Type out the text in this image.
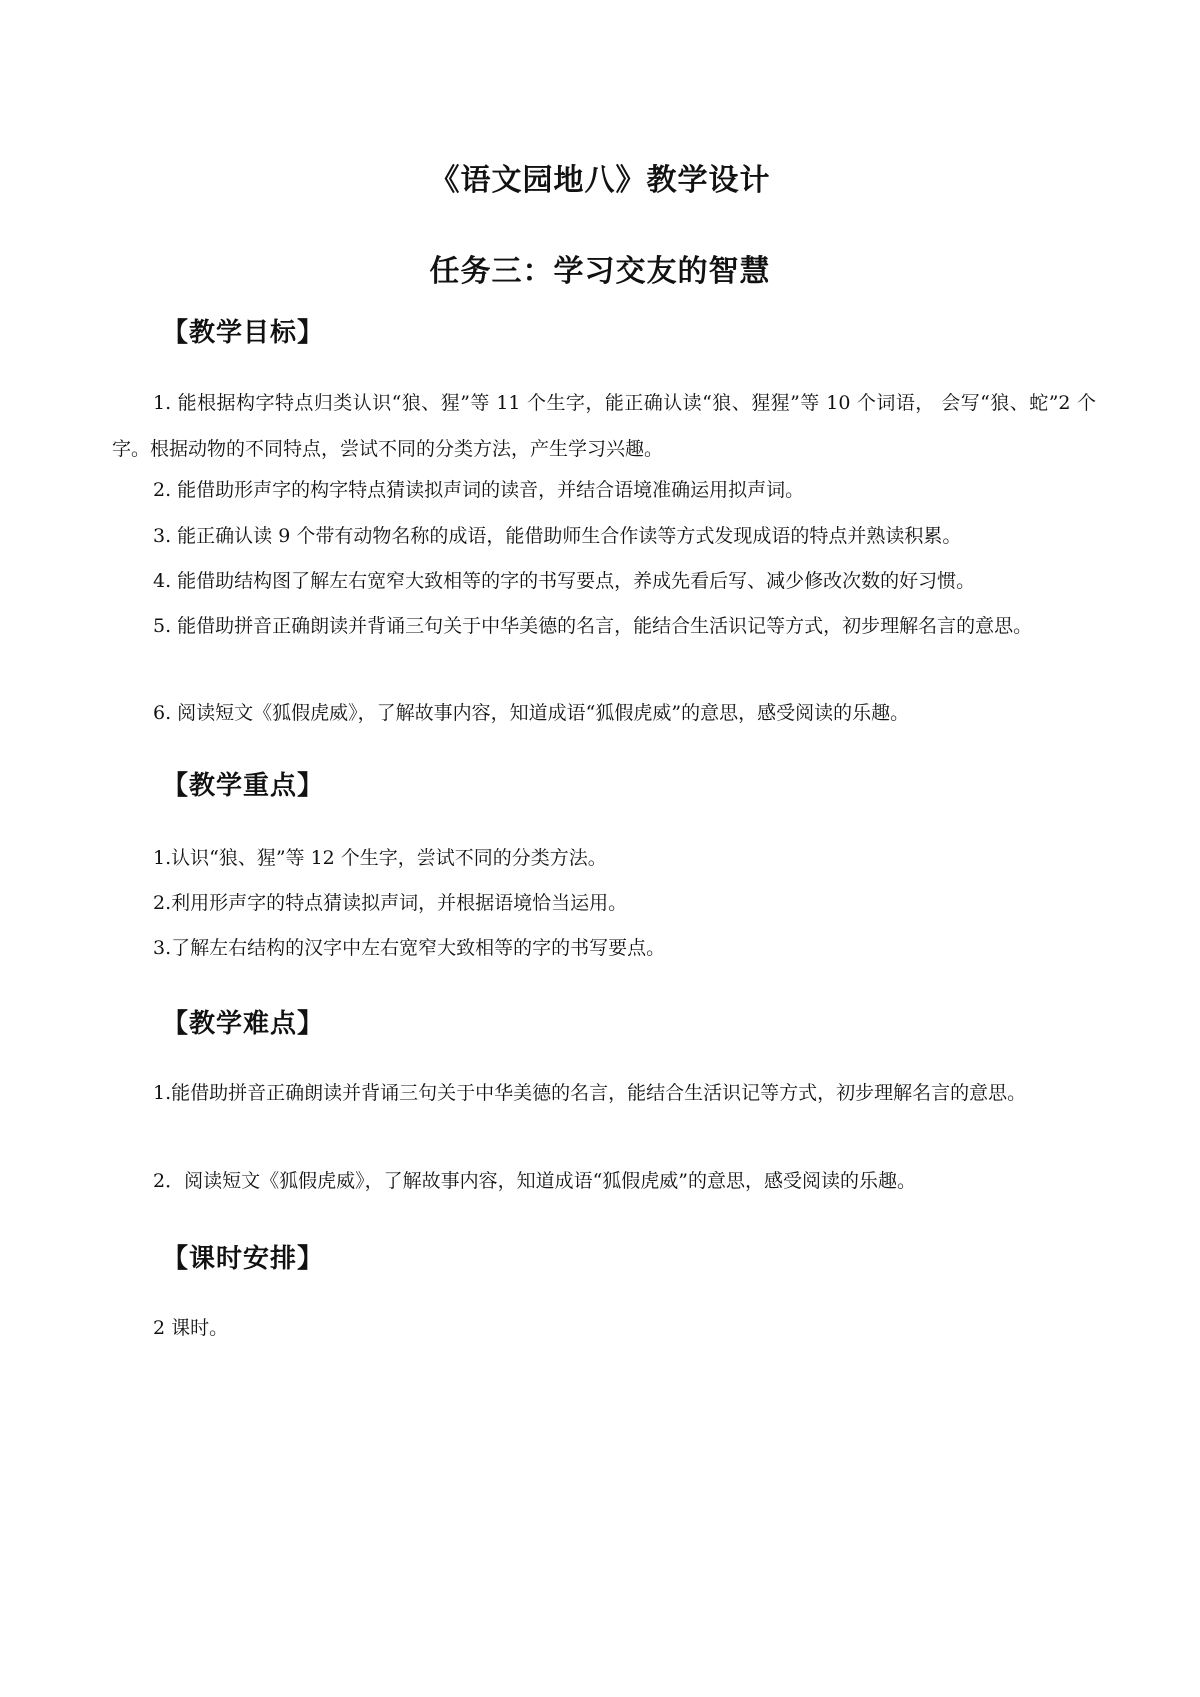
《语文园地八》教学设计
任务三：学习交友的智慧
【教学目标】

1. 能根据构字特点归类认识“狼、猩”等 11 个生字，能正确认读“狼、猩猩”等 10 个词语， 会写“狼、蛇”2 个字。根据动物的不同特点，尝试不同的分类方法，产生学习兴趣。

2. 能借助形声字的构字特点猜读拟声词的读音，并结合语境准确运用拟声词。

3. 能正确认读 9 个带有动物名称的成语，能借助师生合作读等方式发现成语的特点并熟读积累。

4. 能借助结构图了解左右宽窄大致相等的字的书写要点，养成先看后写、减少修改次数的好习惯。

5. 能借助拼音正确朗读并背诵三句关于中华美德的名言，能结合生活识记等方式，初步理解名言的意思。

6. 阅读短文《狐假虎威》，了解故事内容，知道成语“狐假虎威”的意思，感受阅读的乐趣。

【教学重点】

1.认识“狼、猩”等 12 个生字，尝试不同的分类方法。

2.利用形声字的特点猜读拟声词，并根据语境恰当运用。

3.了解左右结构的汉字中左右宽窄大致相等的字的书写要点。

【教学难点】

1.能借助拼音正确朗读并背诵三句关于中华美德的名言，能结合生活识记等方式，初步理解名言的意思。

2．阅读短文《狐假虎威》，了解故事内容，知道成语“狐假虎威”的意思，感受阅读的乐趣。

【课时安排】

2 课时。
